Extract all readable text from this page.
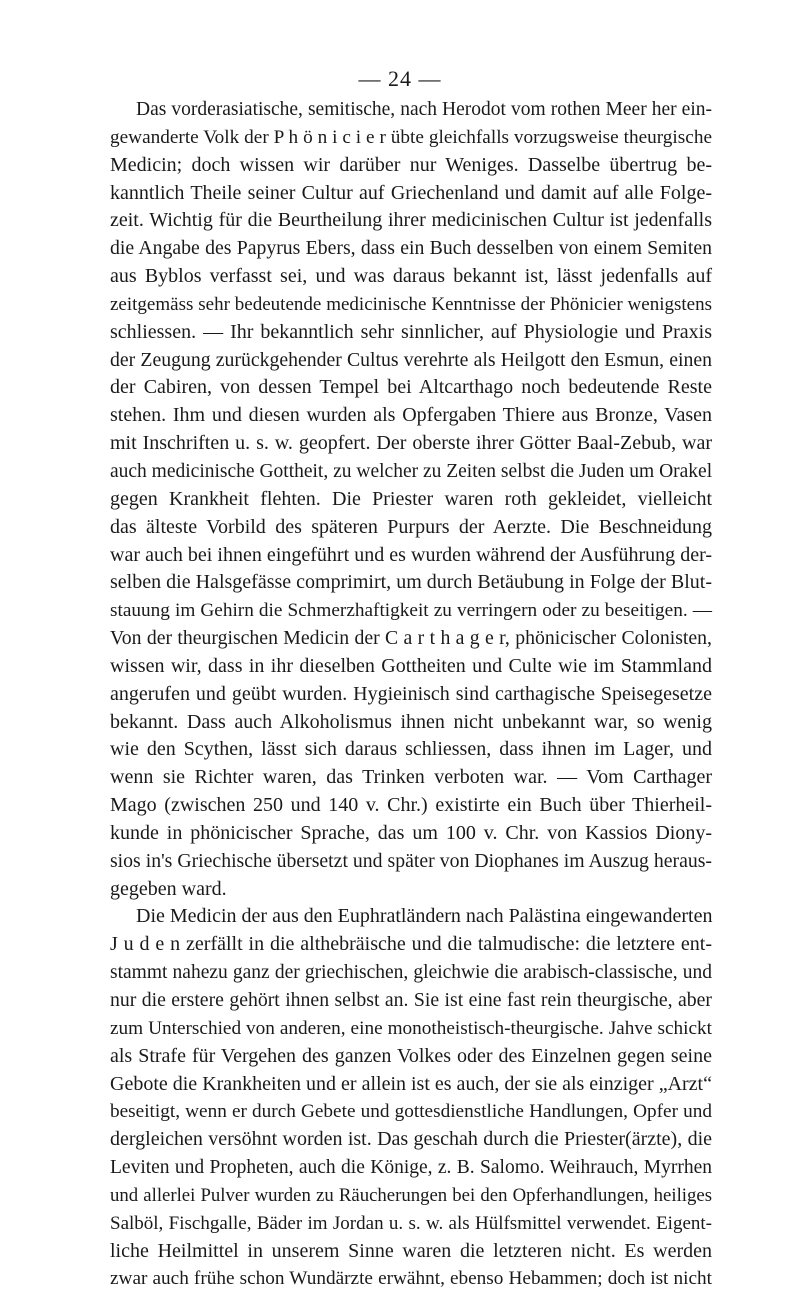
— 24 —
Das vorderasiatische, semitische, nach Herodot vom rothen Meer her ein-
gewanderte Volk der P h ö n i c i e r übte gleichfalls vorzugsweise theurgische
Medicin; doch wissen wir darüber nur Weniges. Dasselbe übertrug be-
kanntlich Theile seiner Cultur auf Griechenland und damit auf alle Folge-
zeit. Wichtig für die Beurtheilung ihrer medicinischen Cultur ist jedenfalls
die Angabe des Papyrus Ebers, dass ein Buch desselben von einem Semiten
aus Byblos verfasst sei, und was daraus bekannt ist, lässt jedenfalls auf
zeitgemäss sehr bedeutende medicinische Kenntnisse der Phönicier wenigstens
schliessen. — Ihr bekanntlich sehr sinnlicher, auf Physiologie und Praxis
der Zeugung zurückgehender Cultus verehrte als Heilgott den Esmun, einen
der Cabiren, von dessen Tempel bei Altcarthago noch bedeutende Reste
stehen. Ihm und diesen wurden als Opfergaben Thiere aus Bronze, Vasen
mit Inschriften u. s. w. geopfert. Der oberste ihrer Götter Baal-Zebub, war
auch medicinische Gottheit, zu welcher zu Zeiten selbst die Juden um Orakel
gegen Krankheit flehten. Die Priester waren roth gekleidet, vielleicht
das älteste Vorbild des späteren Purpurs der Aerzte. Die Beschneidung
war auch bei ihnen eingeführt und es wurden während der Ausführung der-
selben die Halsgefässe comprimirt, um durch Betäubung in Folge der Blut-
stauung im Gehirn die Schmerzhaftigkeit zu verringern oder zu beseitigen. —
Von der theurgischen Medicin der C a r t h a g e r, phönicischer Colonisten,
wissen wir, dass in ihr dieselben Gottheiten und Culte wie im Stammland
angerufen und geübt wurden. Hygieinisch sind carthagische Speisegesetze
bekannt. Dass auch Alkoholismus ihnen nicht unbekannt war, so wenig
wie den Scythen, lässt sich daraus schliessen, dass ihnen im Lager, und
wenn sie Richter waren, das Trinken verboten war. — Vom Carthager
Mago (zwischen 250 und 140 v. Chr.) existirte ein Buch über Thierheil-
kunde in phönicischer Sprache, das um 100 v. Chr. von Kassios Diony-
sios in's Griechische übersetzt und später von Diophanes im Auszug heraus-
gegeben ward.
Die Medicin der aus den Euphratländern nach Palästina eingewanderten
J u d e n zerfällt in die althebräische und die talmudische: die letztere ent-
stammt nahezu ganz der griechischen, gleichwie die arabisch-classische, und
nur die erstere gehört ihnen selbst an. Sie ist eine fast rein theurgische, aber
zum Unterschied von anderen, eine monotheistisch-theurgische. Jahve schickt
als Strafe für Vergehen des ganzen Volkes oder des Einzelnen gegen seine
Gebote die Krankheiten und er allein ist es auch, der sie als einziger „Arzt“
beseitigt, wenn er durch Gebete und gottesdienstliche Handlungen, Opfer und
dergleichen versöhnt worden ist. Das geschah durch die Priester(ärzte), die
Leviten und Propheten, auch die Könige, z. B. Salomo. Weihrauch, Myrrhen
und allerlei Pulver wurden zu Räucherungen bei den Opferhandlungen, heiliges
Salböl, Fischgalle, Bäder im Jordan u. s. w. als Hülfsmittel verwendet. Eigent-
liche Heilmittel in unserem Sinne waren die letzteren nicht. Es werden
zwar auch frühe schon Wundärzte erwähnt, ebenso Hebammen; doch ist nicht
